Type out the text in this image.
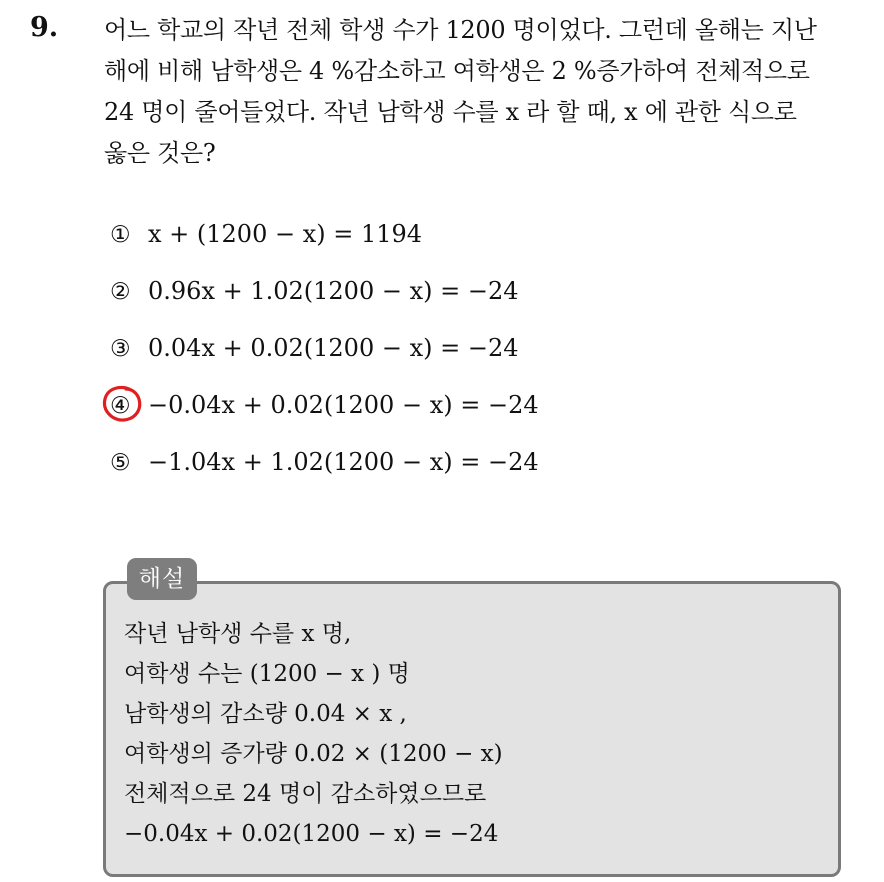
9. 어느 학교의 작년 전체 학생 수가 1200 명이었다. 그런데 올해는 지난
해에 비해 남학생은 4 %감소하고 여학생은 2 %증가하여 전체적으로
24 명이 줄어들었다. 작년 남학생 수를 x 라 할 때, x 에 관한 식으로
옳은 것은?
① x + (1200 − x) = 1194
② 0.96x + 1.02(1200 − x) = −24
③ 0.04x + 0.02(1200 − x) = −24
④ −0.04x + 0.02(1200 − x) = −24
⑤ −1.04x + 1.02(1200 − x) = −24
해설
작년 남학생 수를 x 명,
여학생 수는 (1200 − x ) 명
남학생의 감소량 0.04 × x ,
여학생의 증가량 0.02 × (1200 − x)
전체적으로 24 명이 감소하였으므로
−0.04x + 0.02(1200 − x) = −24
